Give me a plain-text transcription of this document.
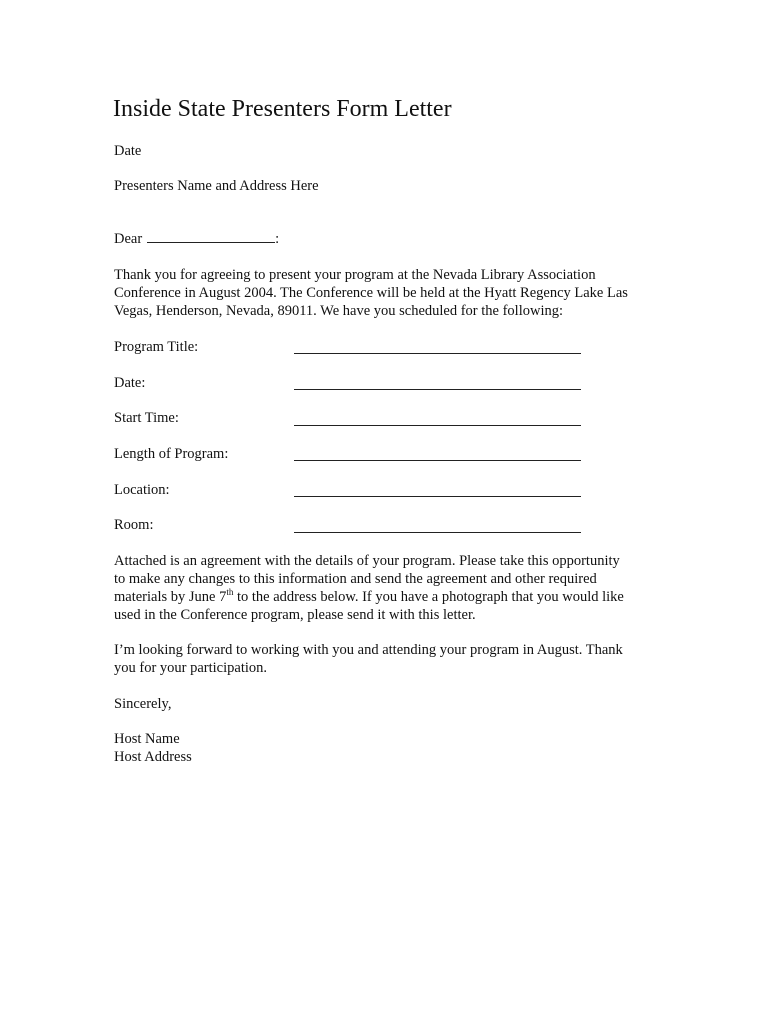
Inside State Presenters Form Letter
Date
Presenters Name and Address Here
Dear	:
Thank you for agreeing to present your program at the Nevada Library Association
Conference in August 2004. The Conference will be held at the Hyatt Regency Lake Las
Vegas, Henderson, Nevada, 89011. We have you scheduled for the following:
Program Title:
Date:
Start Time:
Length of Program:
Location:
Room:
Attached is an agreement with the details of your program. Please take this opportunity
to make any changes to this information and send the agreement and other required
materials by June 7th to the address below. If you have a photograph that you would like
used in the Conference program, please send it with this letter.
I’m looking forward to working with you and attending your program in August. Thank
you for your participation.
Sincerely,
Host Name
Host Address
